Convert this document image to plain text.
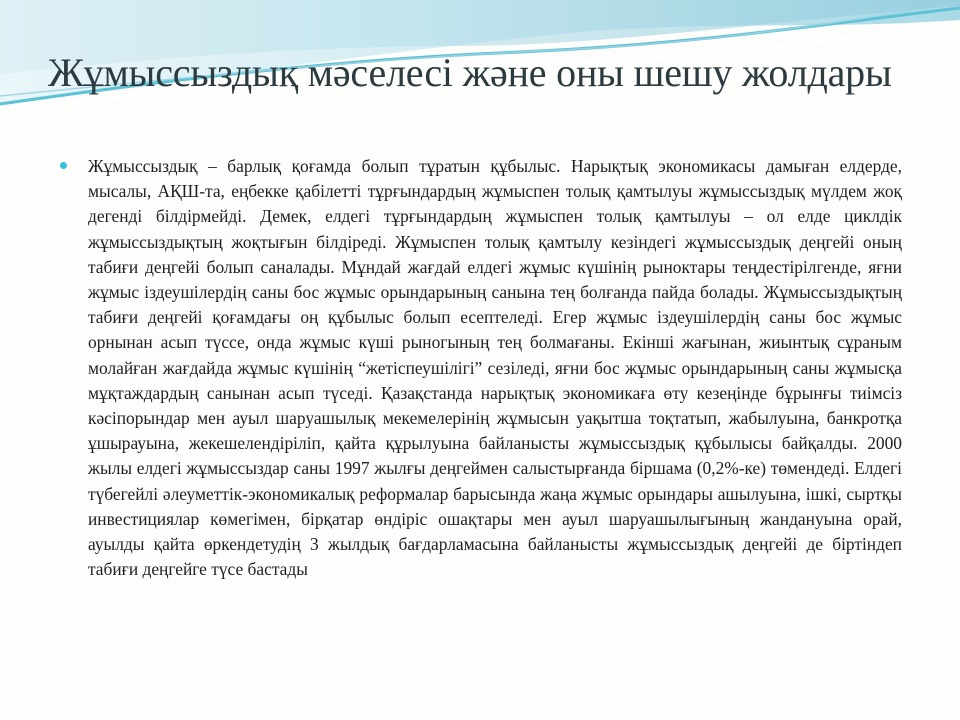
Жұмыссыздық мәселесі және оны шешу жолдары

Жұмыссыздық – барлық қоғамда болып тұратын құбылыс. Нарықтық экономикасы дамыған елдерде, мысалы, АҚШ-та, еңбекке қабілетті тұрғындардың жұмыспен толық қамтылуы жұмыссыздық мүлдем жоқ дегенді білдірмейді. Демек, елдегі тұрғындардың жұмыспен толық қамтылуы – ол елде циклдік жұмыссыздықтың жоқтығын білдіреді. Жұмыспен толық қамтылу кезіндегі жұмыссыздық деңгейі оның табиғи деңгейі болып саналады. Мұндай жағдай елдегі жұмыс күшінің рыноктары теңдестірілгенде, яғни жұмыс іздеушілердің саны бос жұмыс орындарының санына тең болғанда пайда болады. Жұмыссыздықтың табиғи деңгейі қоғамдағы оң құбылыс болып есептеледі. Егер жұмыс іздеушілердің саны бос жұмыс орнынан асып түссе, онда жұмыс күші рыногының тең болмағаны. Екінші жағынан, жиынтық сұраным молайған жағдайда жұмыс күшінің “жетіспеушілігі” сезіледі, яғни бос жұмыс орындарының саны жұмысқа мұқтаждардың санынан асып түседі. Қазақстанда нарықтық экономикаға өту кезеңінде бұрынғы тиімсіз кәсіпорындар мен ауыл шаруашылық мекемелерінің жұмысын уақытша тоқтатып, жабылуына, банкротқа ұшырауына, жекешелендіріліп, қайта құрылуына байланысты жұмыссыздық құбылысы байқалды. 2000 жылы елдегі жұмыссыздар саны 1997 жылғы деңгеймен салыстырғанда біршама (0,2%-ке) төмендеді. Елдегі түбегейлі әлеуметтік-экономикалық реформалар барысында жаңа жұмыс орындары ашылуына, ішкі, сыртқы инвестициялар көмегімен, бірқатар өндіріс ошақтары мен ауыл шаруашылығының жандануына орай, ауылды қайта өркендетудің 3 жылдық бағдарламасына байланысты жұмыссыздық деңгейі де біртіндеп табиғи деңгейге түсе бастады
